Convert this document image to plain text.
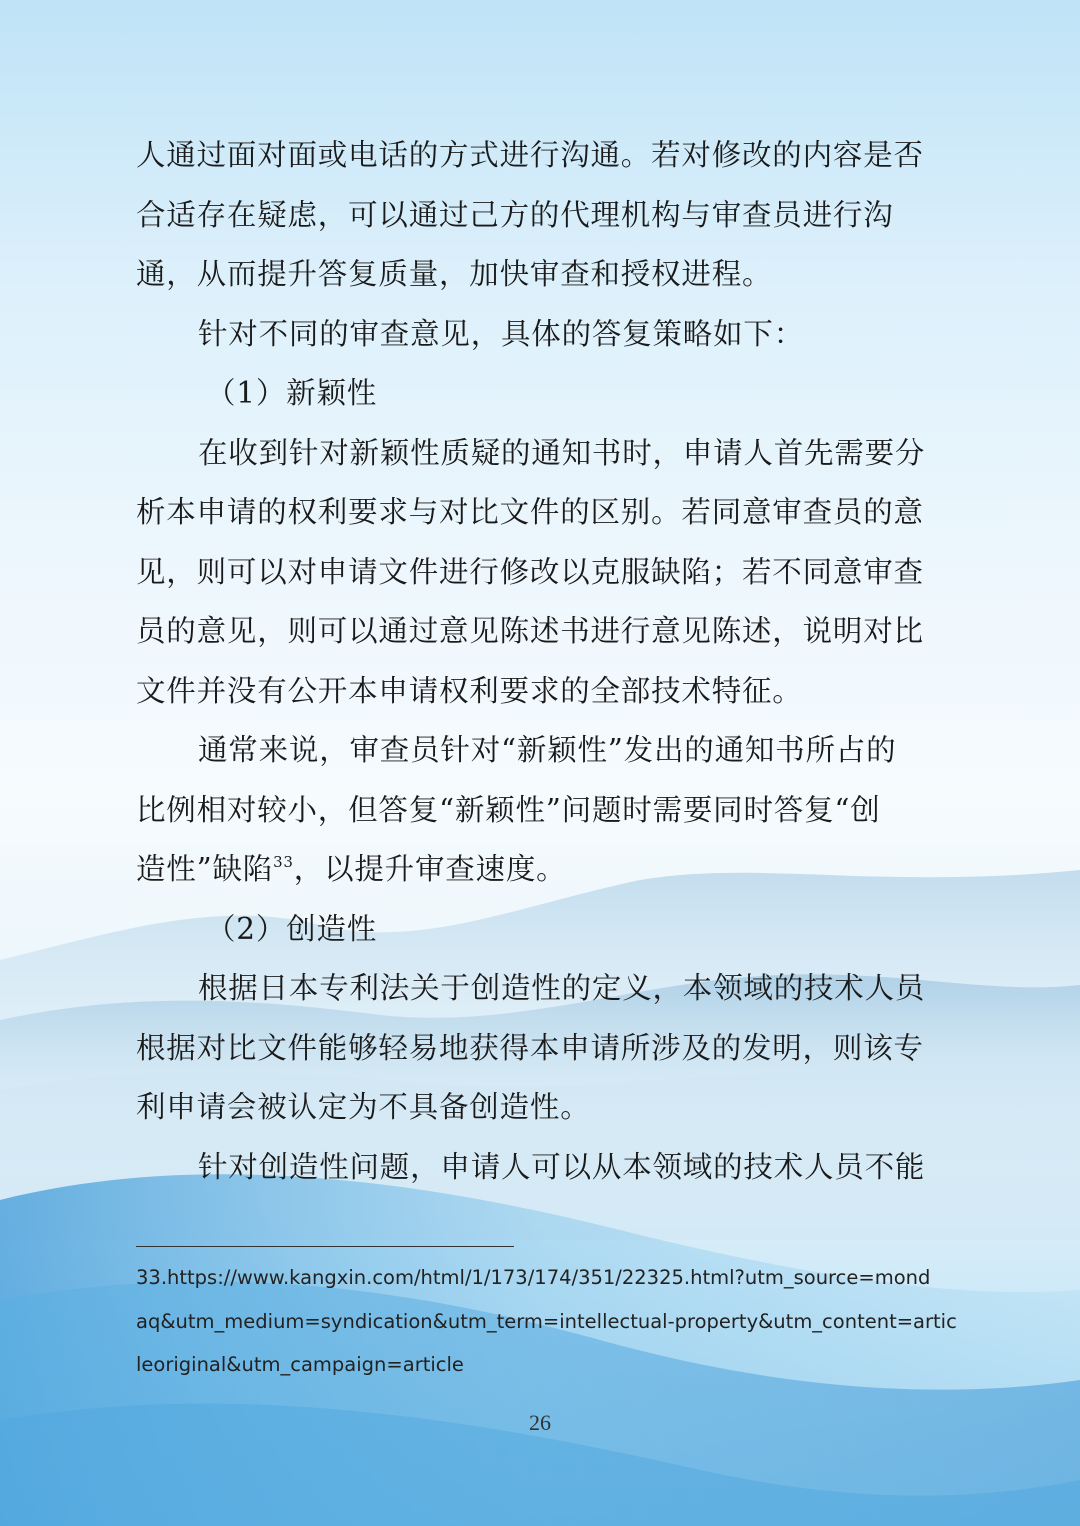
人通过面对面或电话的方式进行沟通。若对修改的内容是否
合适存在疑虑，可以通过己方的代理机构与审查员进行沟
通，从而提升答复质量，加快审查和授权进程。
针对不同的审查意见，具体的答复策略如下：
（1）新颖性
在收到针对新颖性质疑的通知书时，申请人首先需要分
析本申请的权利要求与对比文件的区别。若同意审查员的意
见，则可以对申请文件进行修改以克服缺陷；若不同意审查
员的意见，则可以通过意见陈述书进行意见陈述，说明对比
文件并没有公开本申请权利要求的全部技术特征。
通常来说，审查员针对“新颖性”发出的通知书所占的
比例相对较小，但答复“新颖性”问题时需要同时答复“创
造性”缺陷$^{33}$，以提升审查速度。
（2）创造性
根据日本专利法关于创造性的定义，本领域的技术人员
根据对比文件能够轻易地获得本申请所涉及的发明，则该专
利申请会被认定为不具备创造性。
针对创造性问题，申请人可以从本领域的技术人员不能
33.https://www.kangxin.com/html/1/173/174/351/22325.html?utm_source=mond
aq&utm_medium=syndication&utm_term=intellectual-property&utm_content=artic
leoriginal&utm_campaign=article
26
